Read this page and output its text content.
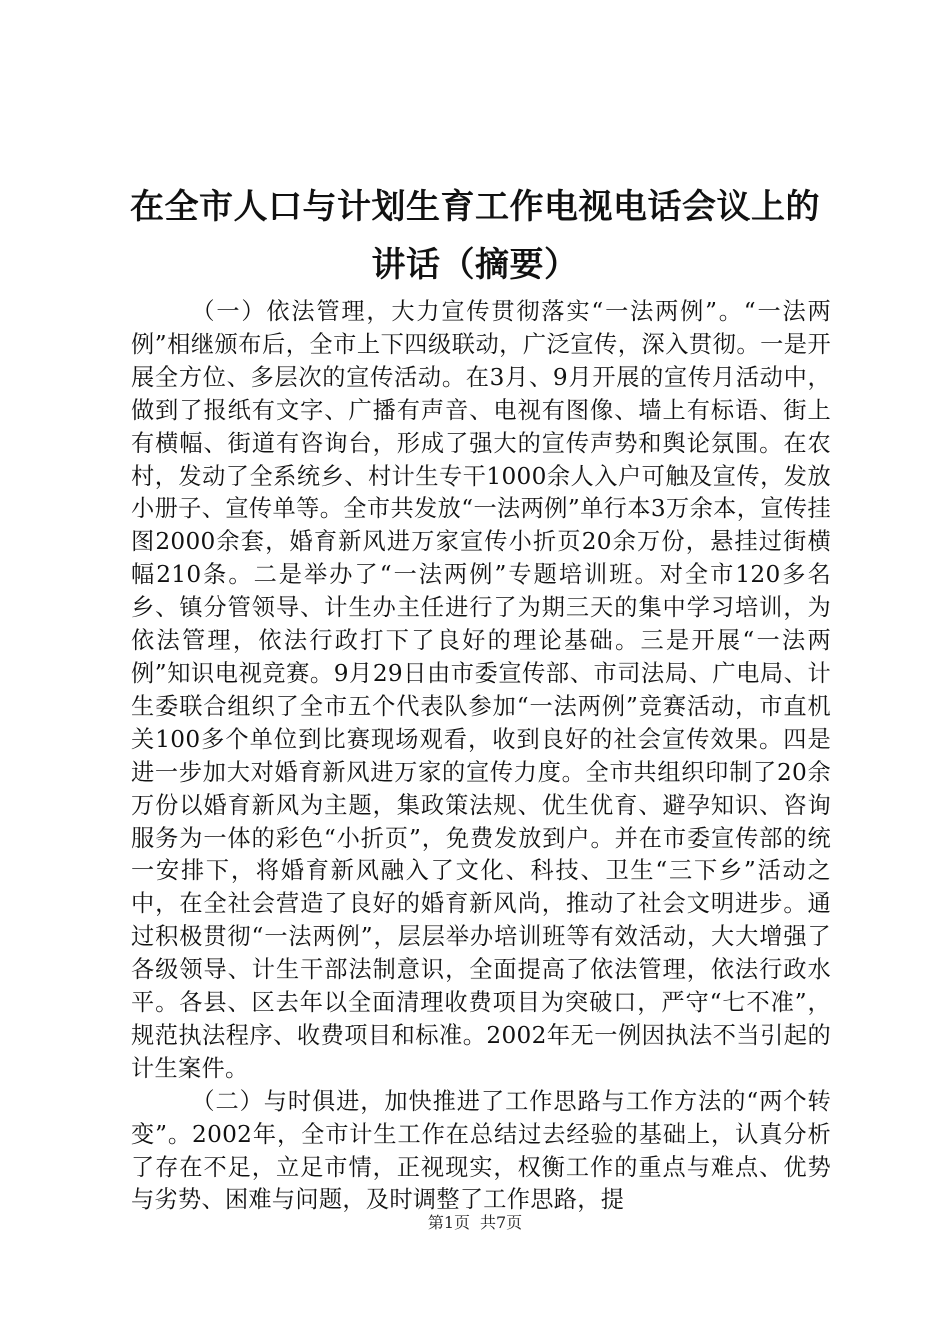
在全市人口与计划生育工作电视电话会议上的
讲话（摘要）

（一）依法管理，大力宣传贯彻落实“一法两例”。“一法两例”相继颁布后，全市上下四级联动，广泛宣传，深入贯彻。一是开展全方位、多层次的宣传活动。在3月、9月开展的宣传月活动中，做到了报纸有文字、广播有声音、电视有图像、墙上有标语、街上有横幅、街道有咨询台，形成了强大的宣传声势和舆论氛围。在农村，发动了全系统乡、村计生专干1000余人入户可触及宣传，发放小册子、宣传单等。全市共发放“一法两例”单行本3万余本，宣传挂图2000余套，婚育新风进万家宣传小折页20余万份，悬挂过街横幅210条。二是举办了“一法两例”专题培训班。对全市120多名乡、镇分管领导、计生办主任进行了为期三天的集中学习培训，为依法管理，依法行政打下了良好的理论基础。三是开展“一法两例”知识电视竞赛。9月29日由市委宣传部、市司法局、广电局、计生委联合组织了全市五个代表队参加“一法两例”竞赛活动，市直机关100多个单位到比赛现场观看，收到良好的社会宣传效果。四是进一步加大对婚育新风进万家的宣传力度。全市共组织印制了20余万份以婚育新风为主题，集政策法规、优生优育、避孕知识、咨询服务为一体的彩色“小折页”，免费发放到户。并在市委宣传部的统一安排下，将婚育新风融入了文化、科技、卫生“三下乡”活动之中，在全社会营造了良好的婚育新风尚，推动了社会文明进步。通过积极贯彻“一法两例”，层层举办培训班等有效活动，大大增强了各级领导、计生干部法制意识，全面提高了依法管理，依法行政水平。各县、区去年以全面清理收费项目为突破口，严守“七不准”，规范执法程序、收费项目和标准。2002年无一例因执法不当引起的计生案件。

（二）与时俱进，加快推进了工作思路与工作方法的“两个转变”。2002年，全市计生工作在总结过去经验的基础上，认真分析了存在不足，立足市情，正视现实，权衡工作的重点与难点、优势与劣势、困难与问题，及时调整了工作思路，提

第1页 共7页
